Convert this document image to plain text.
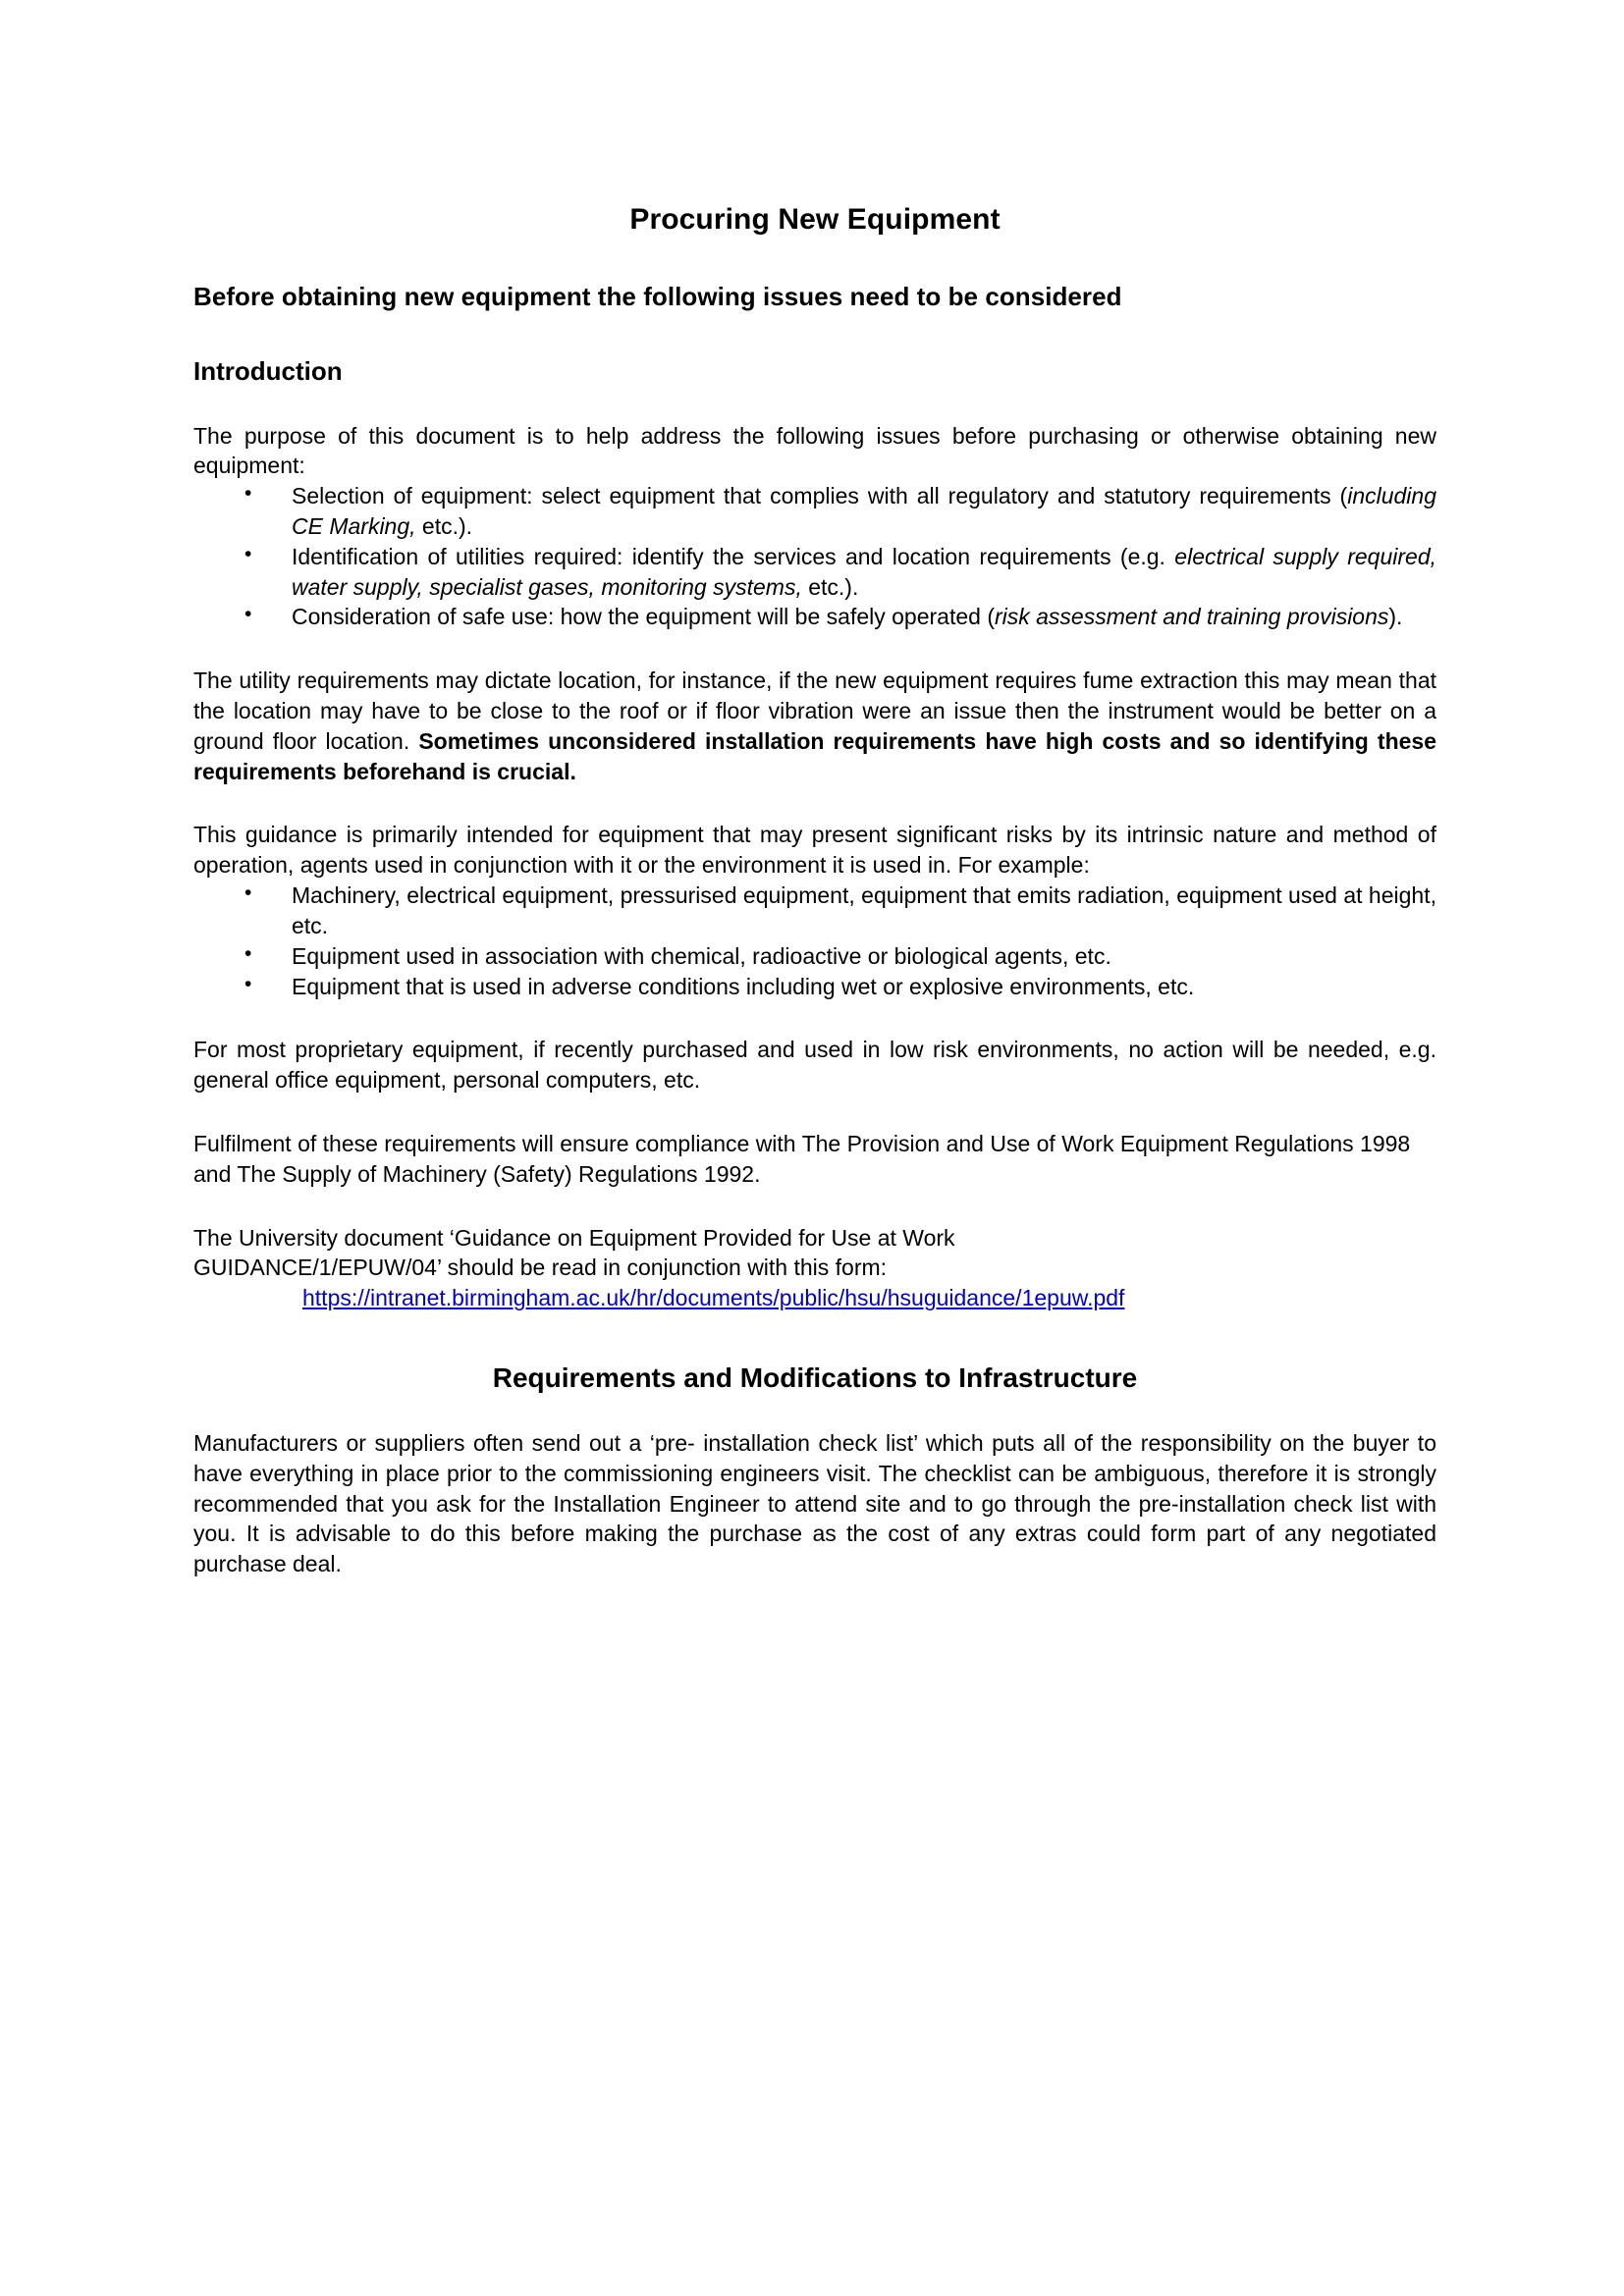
Procuring New Equipment
Before obtaining new equipment the following issues need to be considered
Introduction

The purpose of this document is to help address the following issues before purchasing or otherwise obtaining new equipment:

• Selection of equipment: select equipment that complies with all regulatory and statutory requirements (including CE Marking, etc.).
• Identification of utilities required: identify the services and location requirements (e.g. electrical supply required, water supply, specialist gases, monitoring systems, etc.).
• Consideration of safe use: how the equipment will be safely operated (risk assessment and training provisions).

The utility requirements may dictate location, for instance, if the new equipment requires fume extraction this may mean that the location may have to be close to the roof or if floor vibration were an issue then the instrument would be better on a ground floor location. Sometimes unconsidered installation requirements have high costs and so identifying these requirements beforehand is crucial.

This guidance is primarily intended for equipment that may present significant risks by its intrinsic nature and method of operation, agents used in conjunction with it or the environment it is used in. For example:

• Machinery, electrical equipment, pressurised equipment, equipment that emits radiation, equipment used at height, etc.
• Equipment used in association with chemical, radioactive or biological agents, etc.
• Equipment that is used in adverse conditions including wet or explosive environments, etc.

For most proprietary equipment, if recently purchased and used in low risk environments, no action will be needed, e.g. general office equipment, personal computers, etc.

Fulfilment of these requirements will ensure compliance with The Provision and Use of Work Equipment Regulations 1998 and The Supply of Machinery (Safety) Regulations 1992.

The University document ‘Guidance on Equipment Provided for Use at Work

GUIDANCE/1/EPUW/04’ should be read in conjunction with this form:

https://intranet.birmingham.ac.uk/hr/documents/public/hsu/hsuguidance/1epuw.pdf

Requirements and Modifications to Infrastructure

Manufacturers or suppliers often send out a ‘pre- installation check list’ which puts all of the responsibility on the buyer to have everything in place prior to the commissioning engineers visit. The checklist can be ambiguous, therefore it is strongly recommended that you ask for the Installation Engineer to attend site and to go through the pre-installation check list with you. It is advisable to do this before making the purchase as the cost of any extras could form part of any negotiated purchase deal.
